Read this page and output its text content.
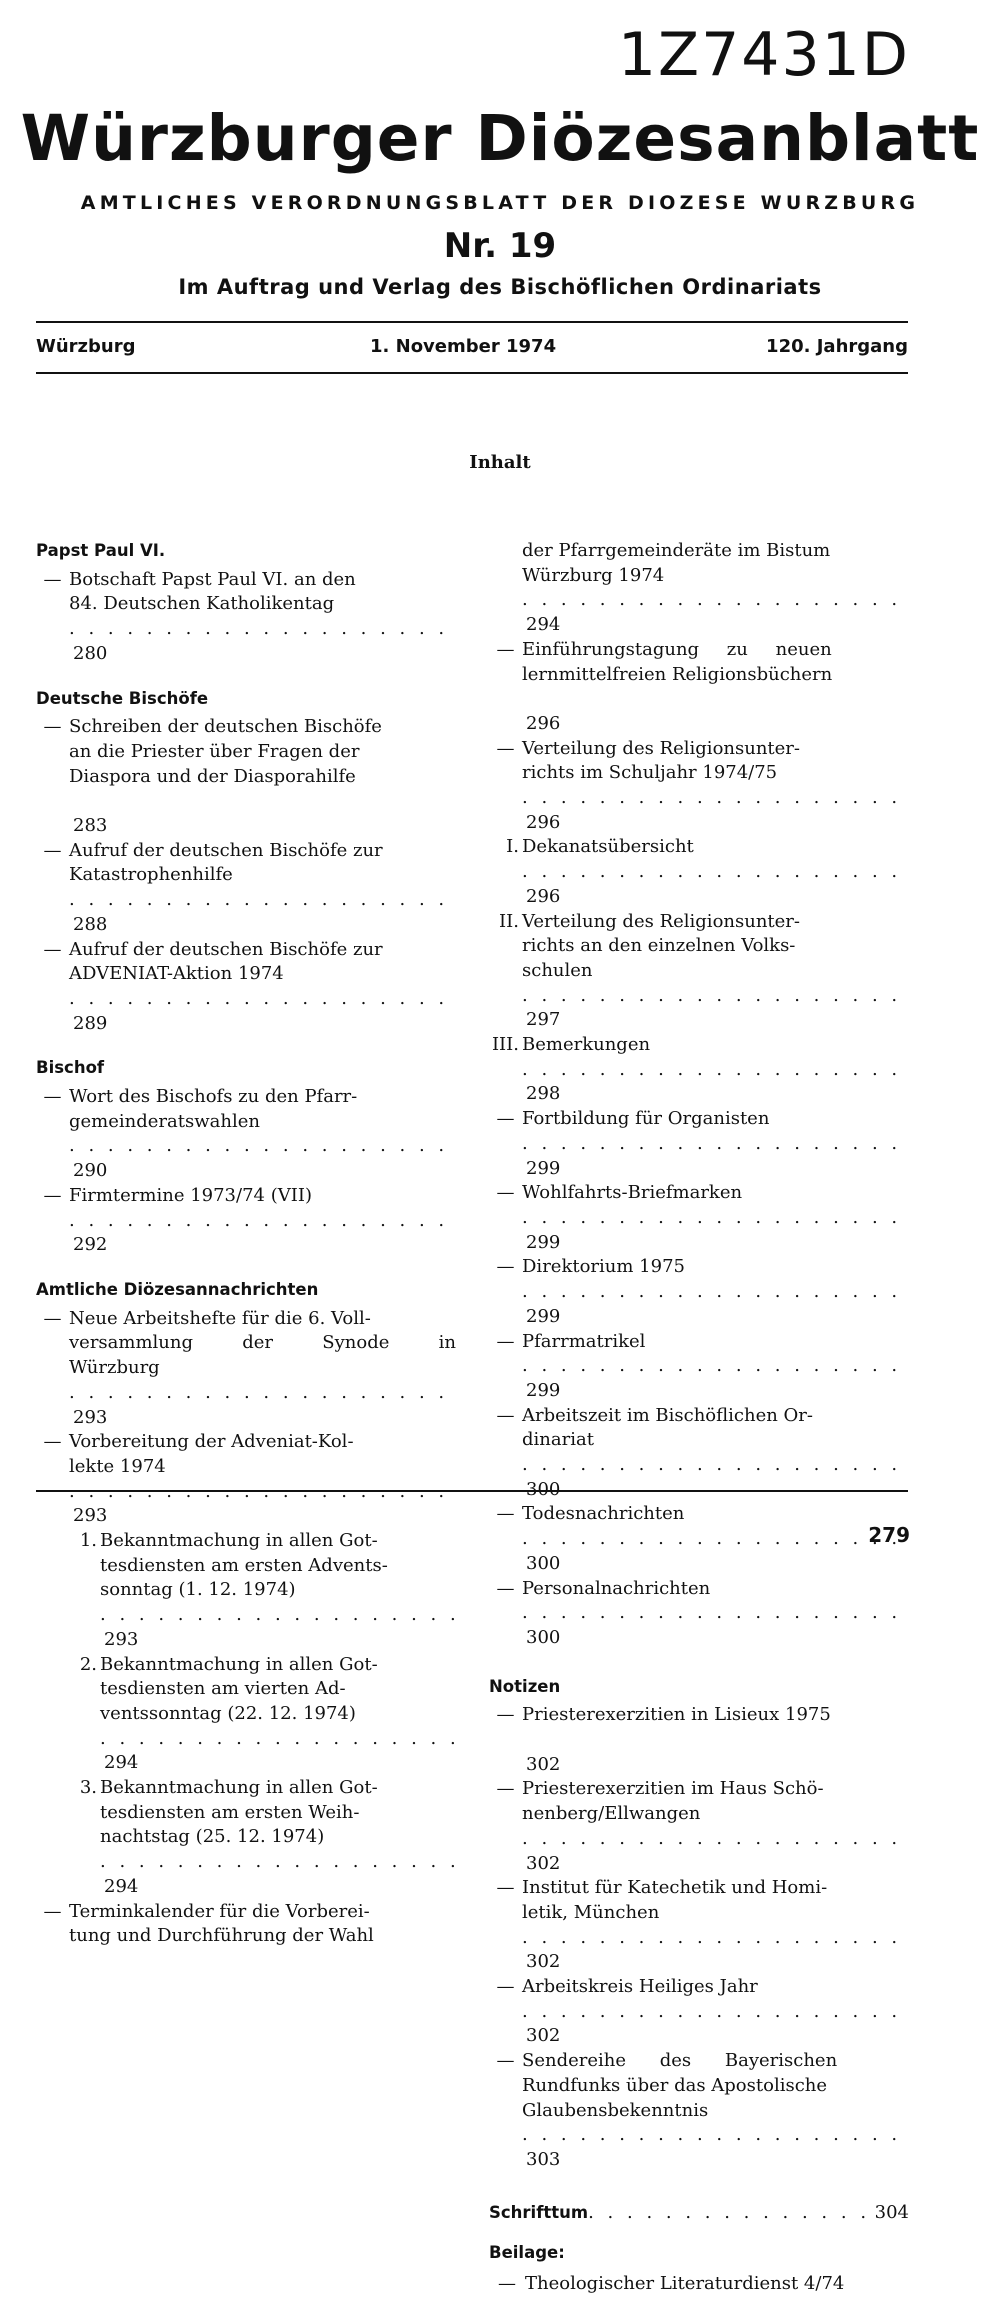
1Z7431D
Würzburger Diözesanblatt
AMTLICHES VERORDNUNGSBLATT DER DIOZESE WURZBURG
Nr. 19
Im Auftrag und Verlag des Bischöflichen Ordinariats
Würzburg	1. November 1974	120. Jahrgang
Inhalt
Papst Paul VI.
— Botschaft Papst Paul VI. an den
84. Deutschen Katholikentag
. . .
280
Deutsche Bischöfe
— Schreiben der deutschen Bischöfe
an die Priester über Fragen der
Diaspora und der Diasporahilfe
283
— Aufruf der deutschen Bischöfe zur
Katastrophenhilfe
. . .
288
— Aufruf der deutschen Bischöfe zur
ADVENIAT-Aktion 1974
. . .
289
Bischof
— Wort des Bischofs zu den Pfarr-
gemeinderatswahlen
. . .
290
— Firmtermine 1973/74 (VII)
. . .
292
Amtliche Diözesannachrichten
— Neue Arbeitshefte für die 6. Voll-
versammlung der Synode in
Würzburg
. . .
293
— Vorbereitung der Adveniat-Kol-
lekte 1974
. . .
293
1. Bekanntmachung in allen Got-
tesdiensten am ersten Advents-
sonntag (1. 12. 1974)
. . .
293
2. Bekanntmachung in allen Got-
tesdiensten am vierten Ad-
ventssonntag (22. 12. 1974)
. . .
294
3. Bekanntmachung in allen Got-
tesdiensten am ersten Weih-
nachtstag (25. 12. 1974)
. . .
294
— Terminkalender für die Vorberei-
tung und Durchführung der Wahl
der Pfarrgemeinderäte im Bistum
Würzburg 1974
. . .
294
— Einführungstagung zu neuen
lernmittelfreien Religionsbüchern
296
— Verteilung des Religionsunter-
richts im Schuljahr 1974/75
. . .
296
I. Dekanatsübersicht
. . .
296
II. Verteilung des Religionsunter-
richts an den einzelnen Volks-
schulen
. . .
297
III. Bemerkungen
. . .
298
— Fortbildung für Organisten
. . .
299
— Wohlfahrts-Briefmarken
. . .
299
— Direktorium 1975
. . .
299
— Pfarrmatrikel
. . .
299
— Arbeitszeit im Bischöflichen Or-
dinariat
. . .
300
— Todesnachrichten
. . .
300
— Personalnachrichten
. . .
300
Notizen
— Priesterexerzitien in Lisieux 1975
302
— Priesterexerzitien im Haus Schö-
nenberg/Ellwangen
. . .
302
— Institut für Katechetik und Homi-
letik, München
. . .
302
— Arbeitskreis Heiliges Jahr
. . .
302
— Sendereihe des Bayerischen
Rundfunks über das Apostolische
Glaubensbekenntnis
. . .
303
Schrifttum
. . .	304
Beilage:
— Theologischer Literaturdienst 4/74
279
